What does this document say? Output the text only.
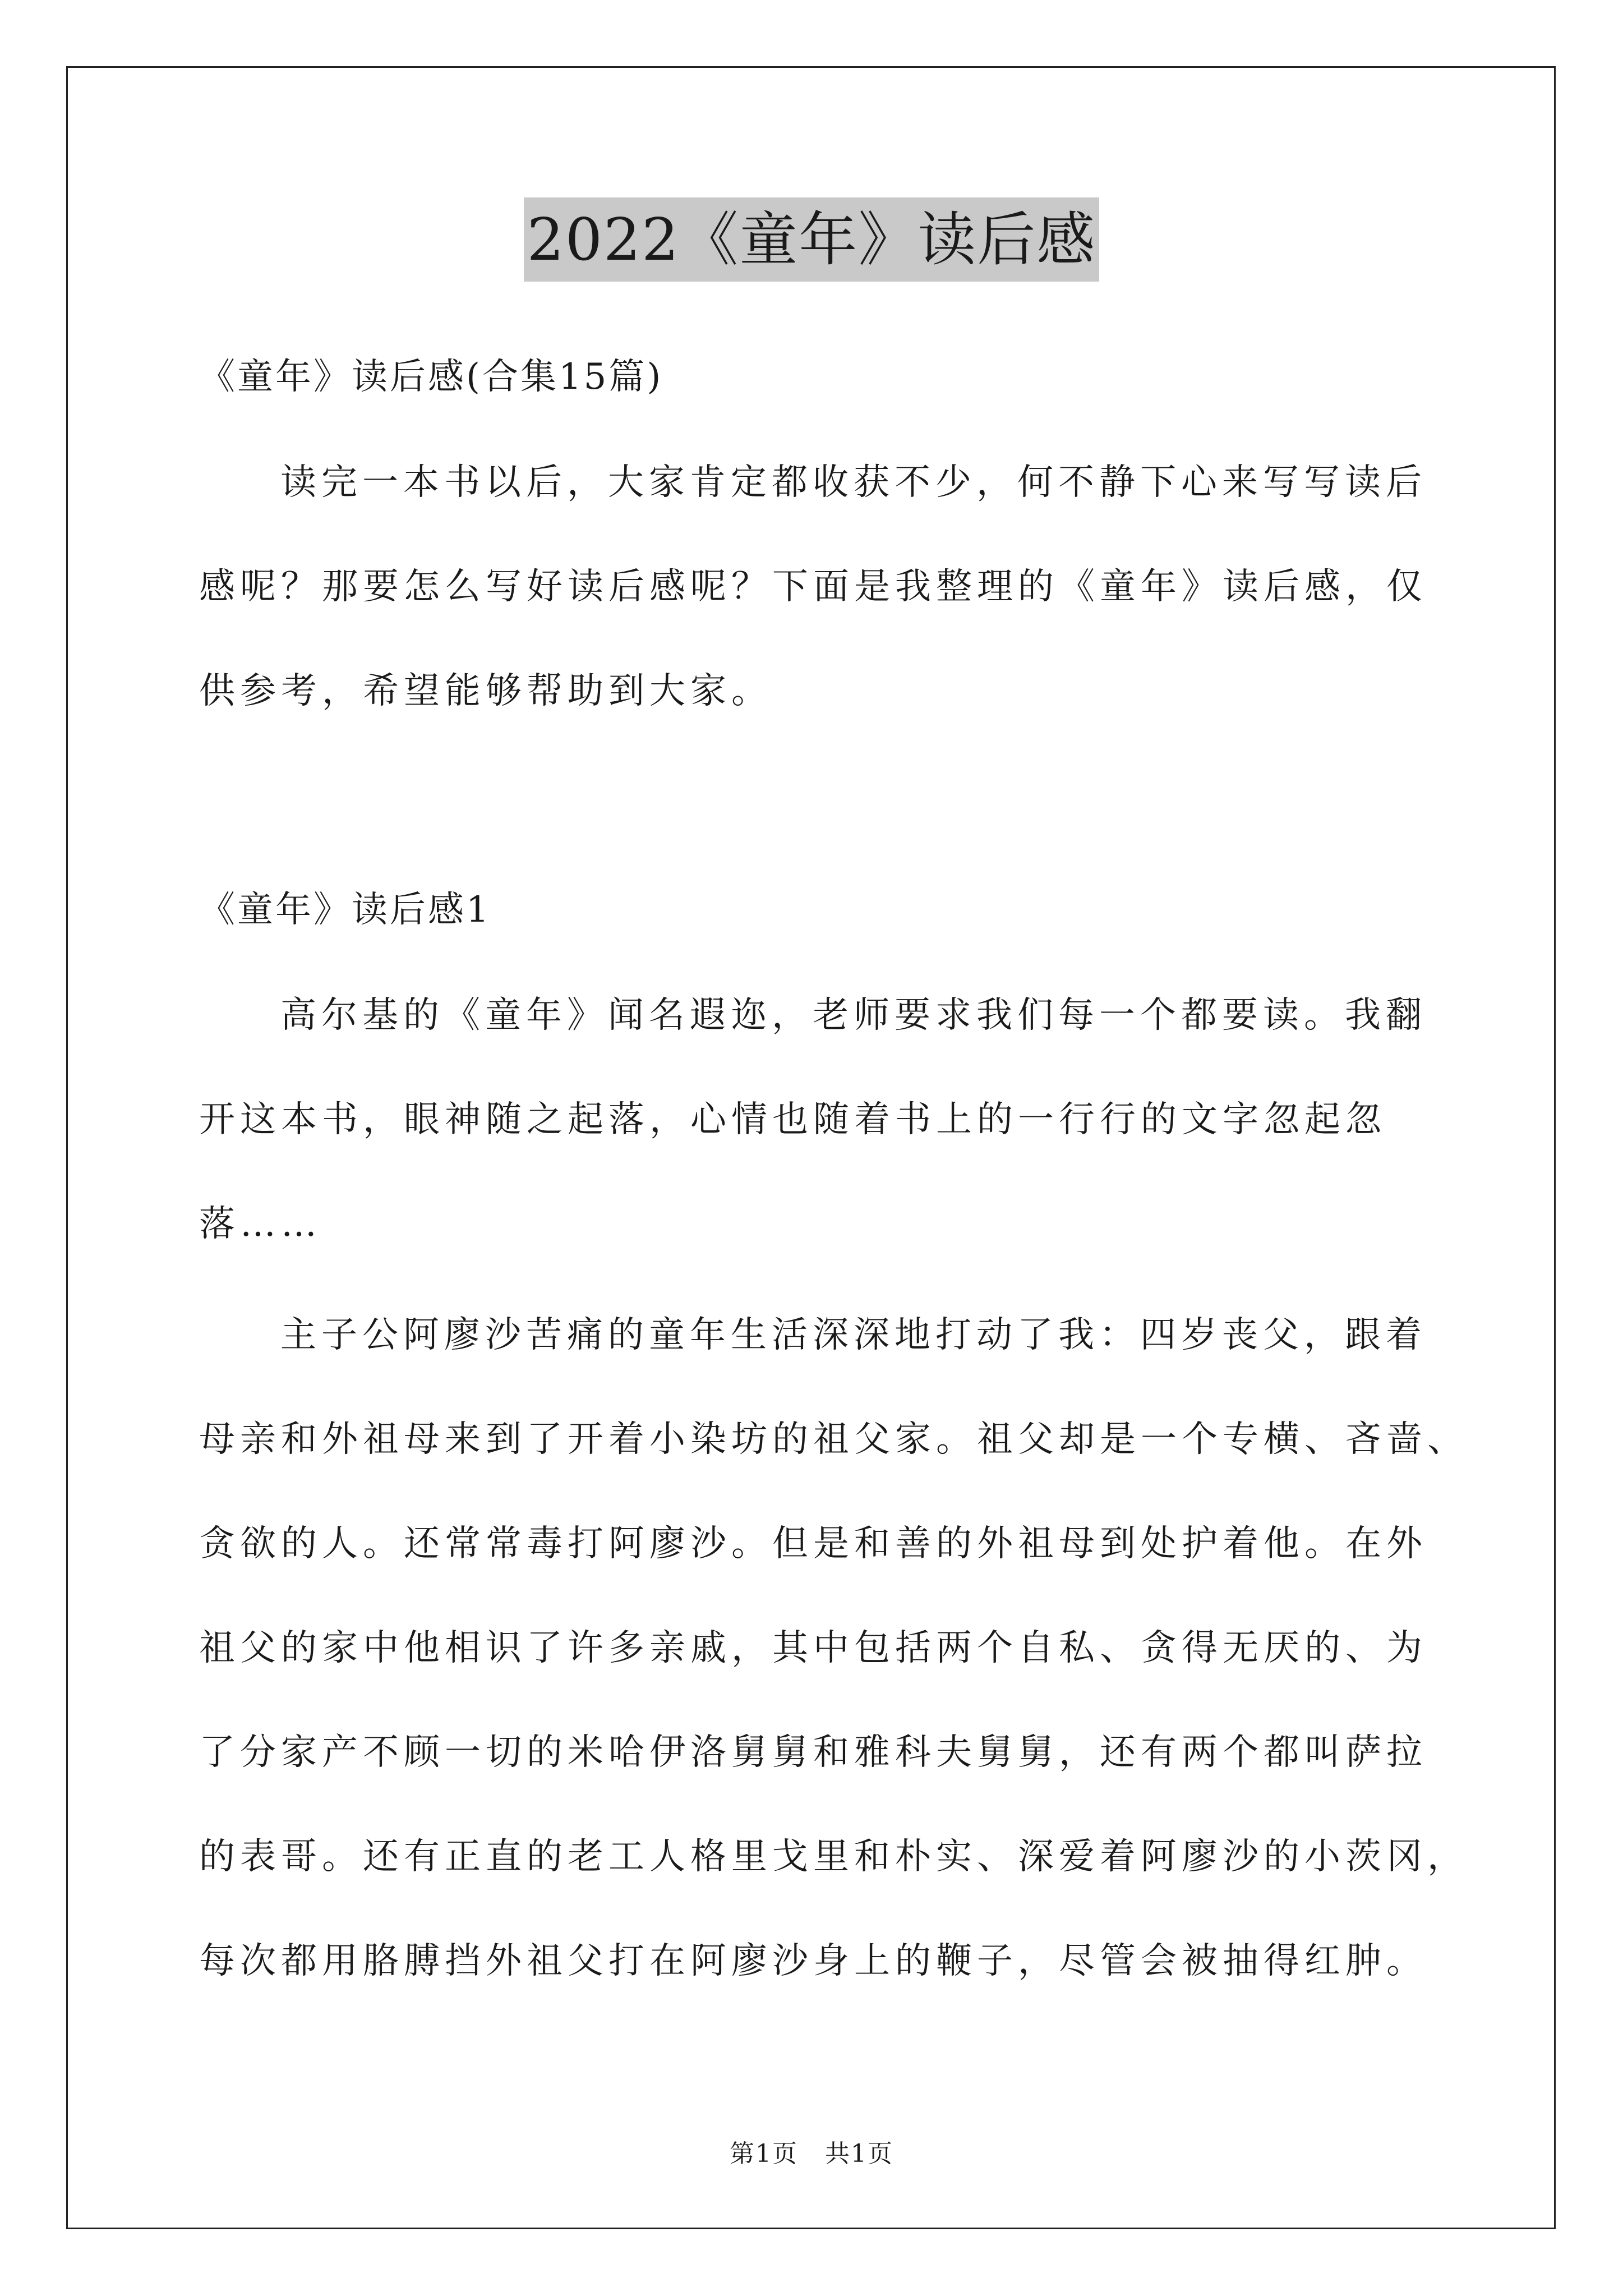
2022《童年》读后感
《童年》读后感(合集15篇)
读完一本书以后，大家肯定都收获不少，何不静下心来写写读后
感呢？那要怎么写好读后感呢？下面是我整理的《童年》读后感，仅
供参考，希望能够帮助到大家。
《童年》读后感1
高尔基的《童年》闻名遐迩，老师要求我们每一个都要读。我翻
开这本书，眼神随之起落，心情也随着书上的一行行的文字忽起忽
落……
主子公阿廖沙苦痛的童年生活深深地打动了我：四岁丧父，跟着
母亲和外祖母来到了开着小染坊的祖父家。祖父却是一个专横、吝啬、
贪欲的人。还常常毒打阿廖沙。但是和善的外祖母到处护着他。在外
祖父的家中他相识了许多亲戚，其中包括两个自私、贪得无厌的、为
了分家产不顾一切的米哈伊洛舅舅和雅科夫舅舅，还有两个都叫萨拉
的表哥。还有正直的老工人格里戈里和朴实、深爱着阿廖沙的小茨冈，
每次都用胳膊挡外祖父打在阿廖沙身上的鞭子，尽管会被抽得红肿。
第1页   共1页
